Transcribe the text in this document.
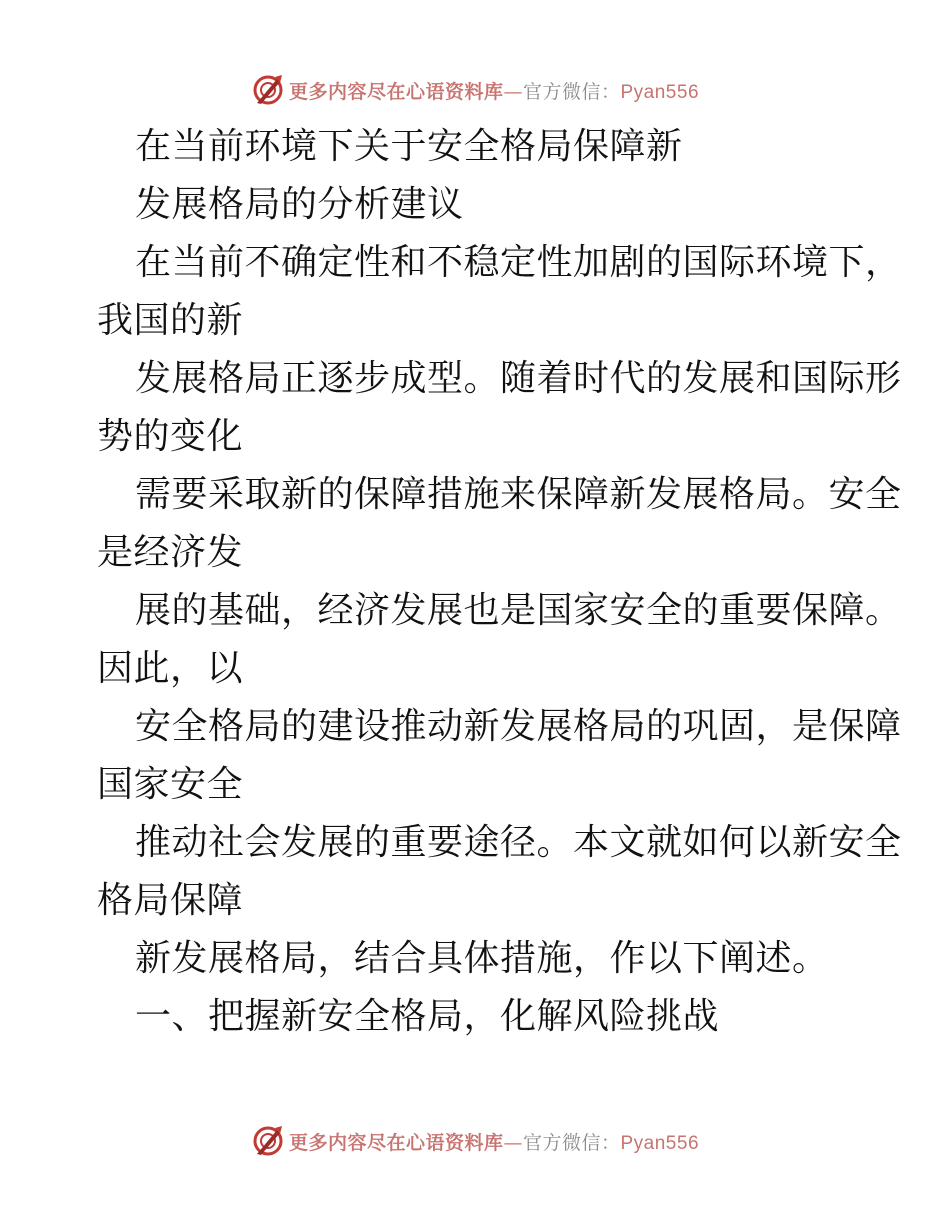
更多内容尽在心语资料库—官方微信：Pyan556
在当前环境下关于安全格局保障新
发展格局的分析建议
在当前不确定性和不稳定性加剧的国际环境下，
我国的新
发展格局正逐步成型。随着时代的发展和国际形
势的变化
需要采取新的保障措施来保障新发展格局。安全
是经济发
展的基础，经济发展也是国家安全的重要保障。
因此，以
安全格局的建设推动新发展格局的巩固，是保障
国家安全
推动社会发展的重要途径。本文就如何以新安全
格局保障
新发展格局，结合具体措施，作以下阐述。
一、把握新安全格局，化解风险挑战
更多内容尽在心语资料库—官方微信：Pyan556
